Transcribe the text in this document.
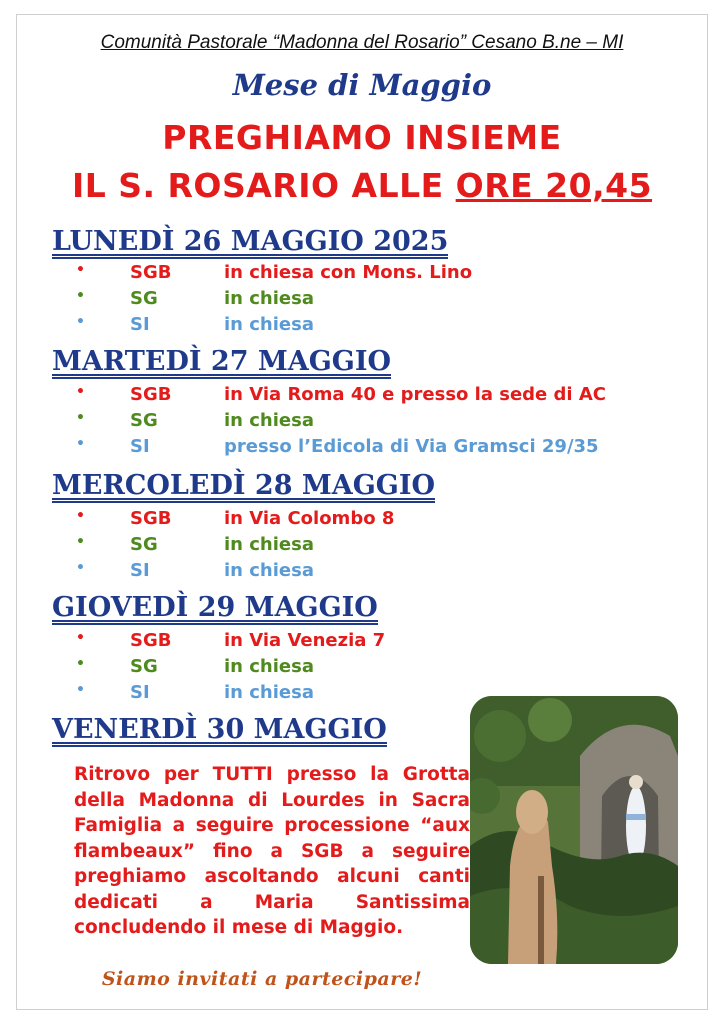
Comunità Pastorale “Madonna del Rosario” Cesano B.ne – MI
Mese di Maggio
PREGHIAMO INSIEME
IL S. ROSARIO ALLE ORE 20,45
LUNEDÌ 26 MAGGIO 2025
•	SGB	in chiesa con Mons. Lino
•	SG	in chiesa
•	SI	in chiesa
MARTEDÌ 27 MAGGIO
•	SGB	in Via Roma 40 e presso la sede di AC
•	SG	in chiesa
•	SI	presso l’Edicola di Via Gramsci 29/35
MERCOLEDÌ 28 MAGGIO
•	SGB	in Via Colombo 8
•	SG	in chiesa
•	SI	in chiesa
GIOVEDÌ 29 MAGGIO
•	SGB	in Via Venezia 7
•	SG	in chiesa
•	SI	in chiesa
VENERDÌ 30 MAGGIO
Ritrovo per TUTTI presso la Grotta della Madonna di Lourdes in Sacra Famiglia a seguire processione “aux flambeaux” fino a SGB a seguire preghiamo ascoltando alcuni canti dedicati a Maria Santissima concludendo il mese di Maggio.
Siamo invitati a partecipare!
